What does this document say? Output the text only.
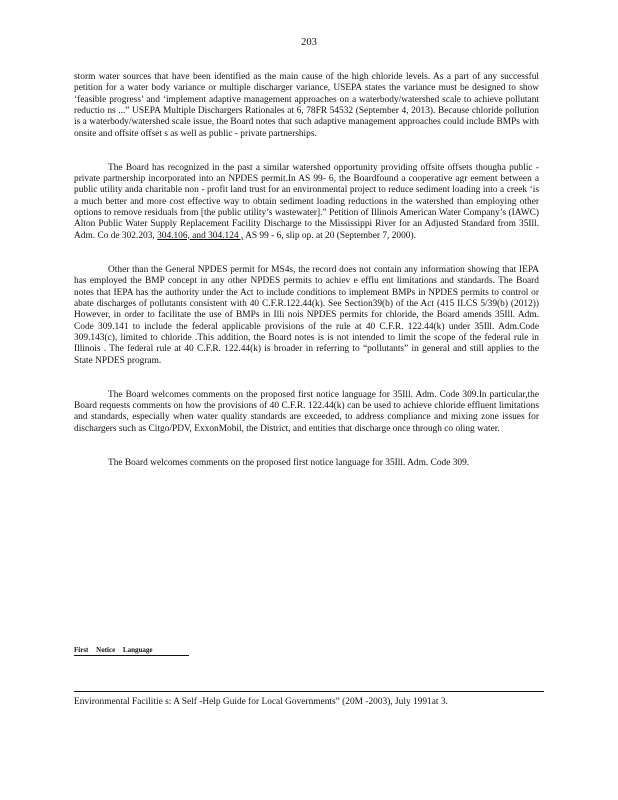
203

storm water sources that have been identified as the main cause of the high chloride levels. As a part of any successful petition for a water body variance or multiple discharger variance, USEPA states the variance must be designed to show ‘feasible progress’ and ‘implement adaptive management approaches on a waterbody/watershed scale to achieve pollutant reductio ns ...” USEPA Multiple Dischargers Rationales at 6, 78FR 54532 (September 4, 2013). Because chloride pollution is a waterbody/watershed scale issue, the Board notes that such adaptive management approaches could include BMPs with onsite and offsite offset s as well as public - private partnerships.

The Board has recognized in the past a similar watershed opportunity providing offsite offsets thougha public - private partnership incorporated into an NPDES permit.In AS 99- 6, the Boardfound a cooperative agr eement between a public utility anda charitable non - profit land trust for an environmental project to reduce sediment loading into a creek ‘is a much better and more cost effective way to obtain sediment loading reductions in the watershed than employing other options to remove residuals from [the public utility’s wastewater].” Petition of Illinois American Water Company’s (IAWC) Alton Public Water Supply Replacement Facility Discharge to the Mississippi River for an Adjusted Standard from 35Ill. Adm. Co de 302.203, 304.106, and 304.124 , AS 99 - 6, slip op. at 20 (September 7, 2000).

Other than the General NPDES permit for MS4s, the record does not contain any information showing that IEPA has employed the BMP concept in any other NPDES permits to achiev e efflu ent limitations and standards. The Board notes that IEPA has the authority under the Act to include conditions to implement BMPs in NPDES permits to control or abate discharges of pollutants consistent with 40 C.F.R.122.44(k). See Section39(b) of the Act (415 ILCS 5/39(b) (2012)) However, in order to facilitate the use of BMPs in Illi nois NPDES permits for chloride, the Board amends 35Ill. Adm. Code 309.141 to include the federal applicable provisions of the rule at 40 C.F.R. 122.44(k) under 35Ill. Adm.Code 309.143(c), limited to chloride .This addition, the Board notes is is not intended to limit the scope of the federal rule in Illinois . The federal rule at 40 C.F.R. 122.44(k) is broader in referring to “pollutants” in general and still applies to the State NPDES program.

The Board welcomes comments on the proposed first notice language for 35Ill. Adm. Code 309.In particular,the Board requests comments on how the provisions of 40 C.F.R. 122.44(k) can be used to achieve chloride effluent limitations and standards, especially when water quality standards are exceeded, to address compliance and mixing zone issues for dischargers such as Citgo/PDV, ExxonMobil, the District, and entities that discharge once through co oling water.

The Board welcomes comments on the proposed first notice language for 35Ill. Adm. Code 309.

First Notice Language
Environmental Facilitie s: A Self -Help Guide for Local Governments” (20M -2003), July 1991at 3.
